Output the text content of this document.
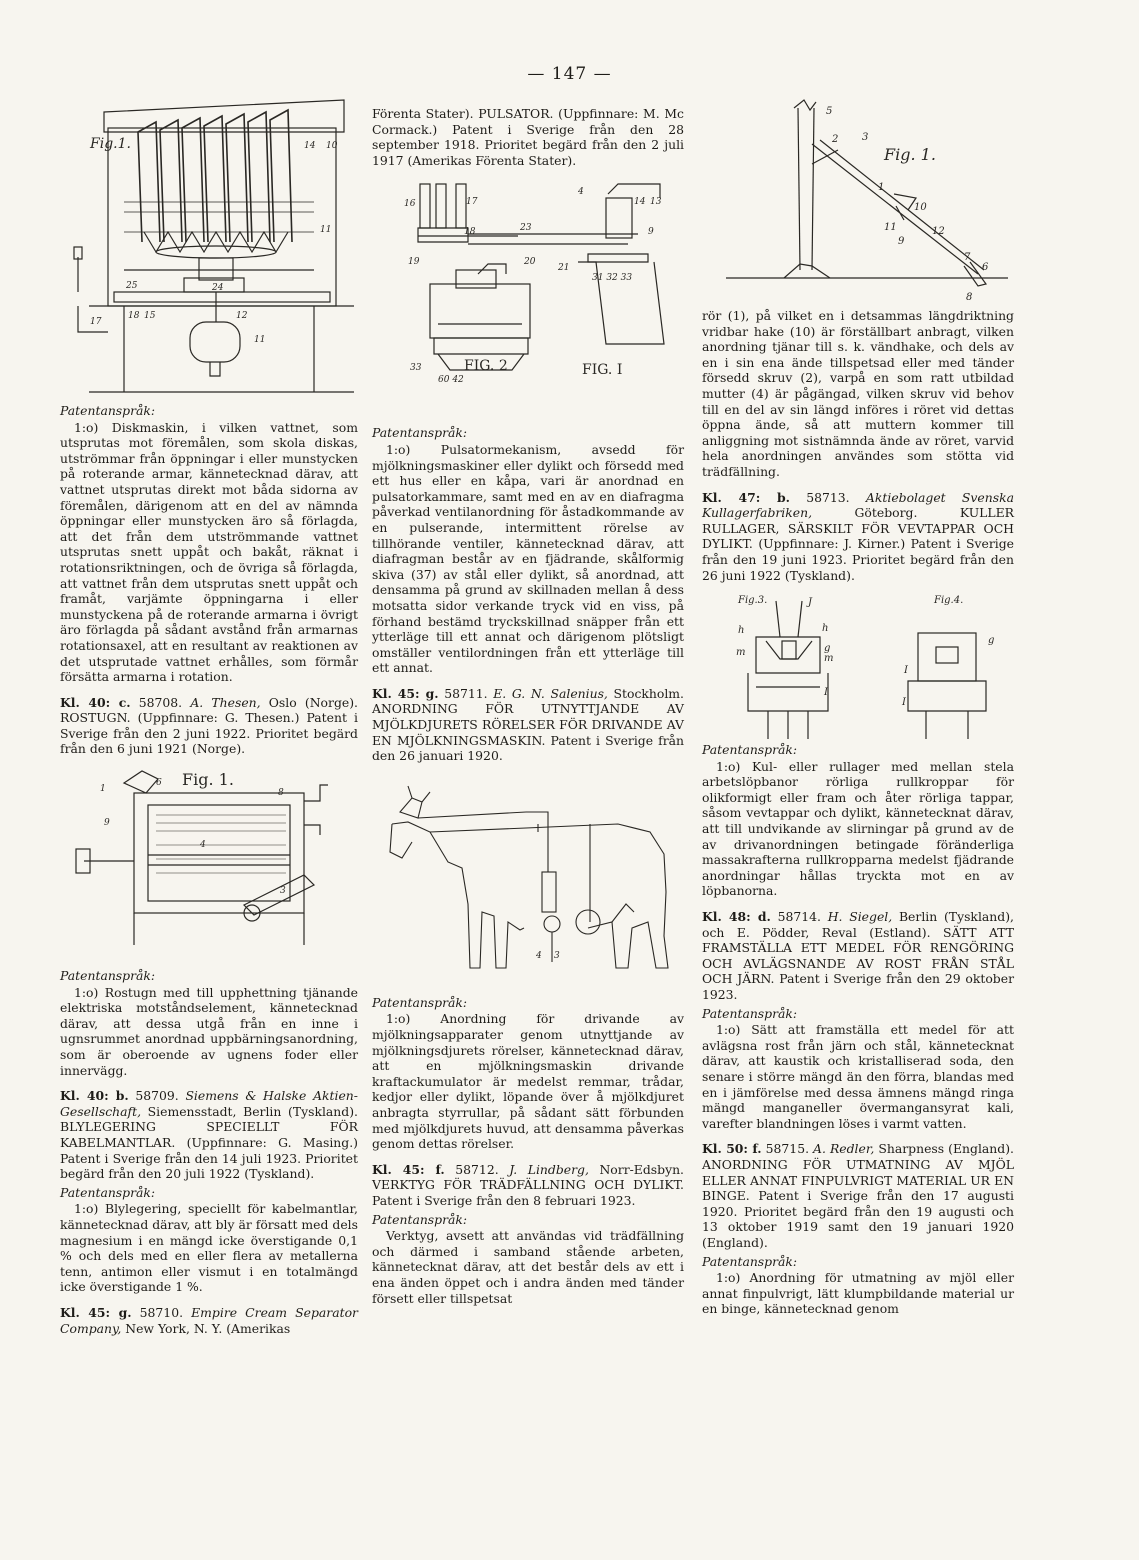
— 147 —
Fig.1.	14 10
11
25	24
18 15	12
17
11

Patentanspråk:

1:o) Diskmaskin, i vilken vattnet, som utsprutas mot föremålen, som skola diskas, utströmmar från öppningar i eller munstycken på roterande armar, kännetecknad därav, att vattnet utsprutas direkt mot båda sidorna av föremålen, därigenom att en del av nämnda öppningar eller munstycken äro så förlagda, att det från dem utströmmande vattnet utsprutas snett uppåt och bakåt, räknat i rotationsriktningen, och de övriga så förlagda, att vattnet från dem utsprutas snett uppåt och framåt, varjämte öppningarna i eller munstyckena på de roterande armarna i övrigt äro förlagda på sådant avstånd från armarnas rotationsaxel, att en resultant av reaktionen av det utsprutade vattnet erhålles, som förmår försätta armarna i rotation.

Kl. 40: c. 58708. A. Thesen, Oslo (Norge). ROSTUGN. (Uppfinnare: G. Thesen.) Patent i Sverige från den 2 juni 1922. Prioritet begärd från den 6 juni 1921 (Norge).

Fig. 1.
1
6
8
9
4
3

Patentanspråk:

1:o) Rostugn med till upphettning tjänande elektriska motståndselement, kännetecknad därav, att dessa utgå från en inne i ugnsrummet anordnad uppbärningsanordning, som är oberoende av ugnens foder eller innervägg.

Kl. 40: b. 58709. Siemens & Halske Aktien-Gesellschaft, Siemensstadt, Berlin (Tyskland). BLYLEGERING SPECIELLT FÖR KABELMANTLAR. (Uppfinnare: G. Masing.) Patent i Sverige från den 14 juli 1923. Prioritet begärd från den 20 juli 1922 (Tyskland).

Patentanspråk:

1:o) Blylegering, speciellt för kabelmantlar, kännetecknad därav, att bly är försatt med dels magnesium i en mängd icke överstigande 0,1 % och dels med en eller flera av metallerna tenn, antimon eller vismut i en totalmängd icke överstigande 1 %.

Kl. 45: g. 58710. Empire Cream Separator Company, New York, N. Y. (Amerikas

Förenta Stater). PULSATOR. (Uppfinnare: M. Mc Cormack.) Patent i Sverige från den 28 september 1918. Prioritet begärd från den 2 juli 1917 (Amerikas Förenta Stater).

16	17
18	23
19	20
4
14 13
9
21
31 32 33
33
60 42
FIG. 2	FIG. I

Patentanspråk:

1:o) Pulsatormekanism, avsedd för mjölkningsmaskiner eller dylikt och försedd med ett hus eller en kåpa, vari är anordnad en pulsatorkammare, samt med en av en diafragma påverkad ventilanordning för åstadkommande av en pulserande, intermittent rörelse av tillhörande ventiler, kännetecknad därav, att diafragman består av en fjädrande, skålformig skiva (37) av stål eller dylikt, så anordnad, att densamma på grund av skillnaden mellan å dess motsatta sidor verkande tryck vid en viss, på förhand bestämd tryckskillnad snäpper från ett ytterläge till ett annat och därigenom plötsligt omställer ventilordningen från ett ytterläge till ett annat.

Kl. 45: g. 58711. E. G. N. Salenius, Stockholm. ANORDNING FÖR UTNYTTJANDE AV MJÖLKDJURETS RÖRELSER FÖR DRIVANDE AV EN MJÖLKNINGSMASKIN. Patent i Sverige från den 26 januari 1920.

4 3

Patentanspråk:

1:o) Anordning för drivande av mjölkningsapparater genom utnyttjande av mjölkningsdjurets rörelser, kännetecknad därav, att en mjölkningsmaskin drivande kraftackumulator är medelst remmar, trådar, kedjor eller dylikt, löpande över å mjölkdjuret anbragta styrrullar, på sådant sätt förbunden med mjölkdjurets huvud, att densamma påverkas genom dettas rörelser.

Kl. 45: f. 58712. J. Lindberg, Norr-Edsbyn. VERKTYG FÖR TRÄDFÄLLNING OCH DYLIKT. Patent i Sverige från den 8 februari 1923.

Patentanspråk:

Verktyg, avsett att användas vid trädfällning och därmed i samband stående arbeten, kännetecknat därav, att det består dels av ett i ena änden öppet och i andra änden med tänder försett eller tillspetsat

5
2 3
Fig. 1.
1
10
11	12
9
7
6
8

rör (1), på vilket en i detsammas längdriktning vridbar hake (10) är förställbart anbragt, vilken anordning tjänar till s. k. vändhake, och dels av en i sin ena ände tillspetsad eller med tänder försedd skruv (2), varpå en som ratt utbildad mutter (4) är pågängad, vilken skruv vid behov till en del av sin längd införes i röret vid dettas öppna ände, så att muttern kommer till anliggning mot sistnämnda ände av röret, varvid hela anordningen användes som stötta vid trädfällning.

Kl. 47: b. 58713. Aktiebolaget Svenska Kullagerfabriken,	Göteborg. KULLER RULLAGER, SÄRSKILT FÖR VEVTAPPAR OCH DYLIKT. (Uppfinnare: J. Kirner.) Patent i Sverige från den 19 juni 1923. Prioritet begärd från den 26 juni 1922 (Tyskland).

Fig.3.	Fig.4.
J
h	h
g
m
m
I
g
I
I

Patentanspråk:

1:o) Kul- eller rullager med mellan stela arbetslöpbanor rörliga rullkroppar för olikformigt eller fram och åter rörliga tappar, såsom vevtappar och dylikt, kännetecknat därav, att till undvikande av slirningar på grund av de av drivanordningen betingade föränderliga massakrafterna rullkropparna medelst fjädrande anordningar hållas tryckta mot en av löpbanorna.

Kl. 48: d. 58714. H. Siegel, Berlin (Tyskland), och E. Pödder, Reval (Estland). SÄTT ATT FRAMSTÄLLA ETT MEDEL FÖR RENGÖRING OCH AVLÄGSNANDE AV ROST FRÅN STÅL OCH JÄRN. Patent i Sverige från den 29 oktober 1923.

Patentanspråk:

1:o) Sätt att framställa ett medel för att avlägsna rost från järn och stål, kännetecknat därav, att kaustik och kristalliserad soda, den senare i större mängd än den förra, blandas med en i jämförelse med dessa ämnens mängd ringa mängd manganeller övermangansyrat kali, varefter blandningen löses i varmt vatten.

Kl. 50: f. 58715. A. Redler, Sharpness (England). ANORDNING FÖR UTMATNING AV MJÖL ELLER ANNAT FINPULVRIGT MATERIAL UR EN BINGE. Patent i Sverige från den 17 augusti 1920. Prioritet begärd från den 19 augusti och 13 oktober 1919 samt den 19 januari 1920 (England).

Patentanspråk:

1:o) Anordning för utmatning av mjöl eller annat finpulvrigt, lätt klumpbildande material ur en binge, kännetecknad genom
